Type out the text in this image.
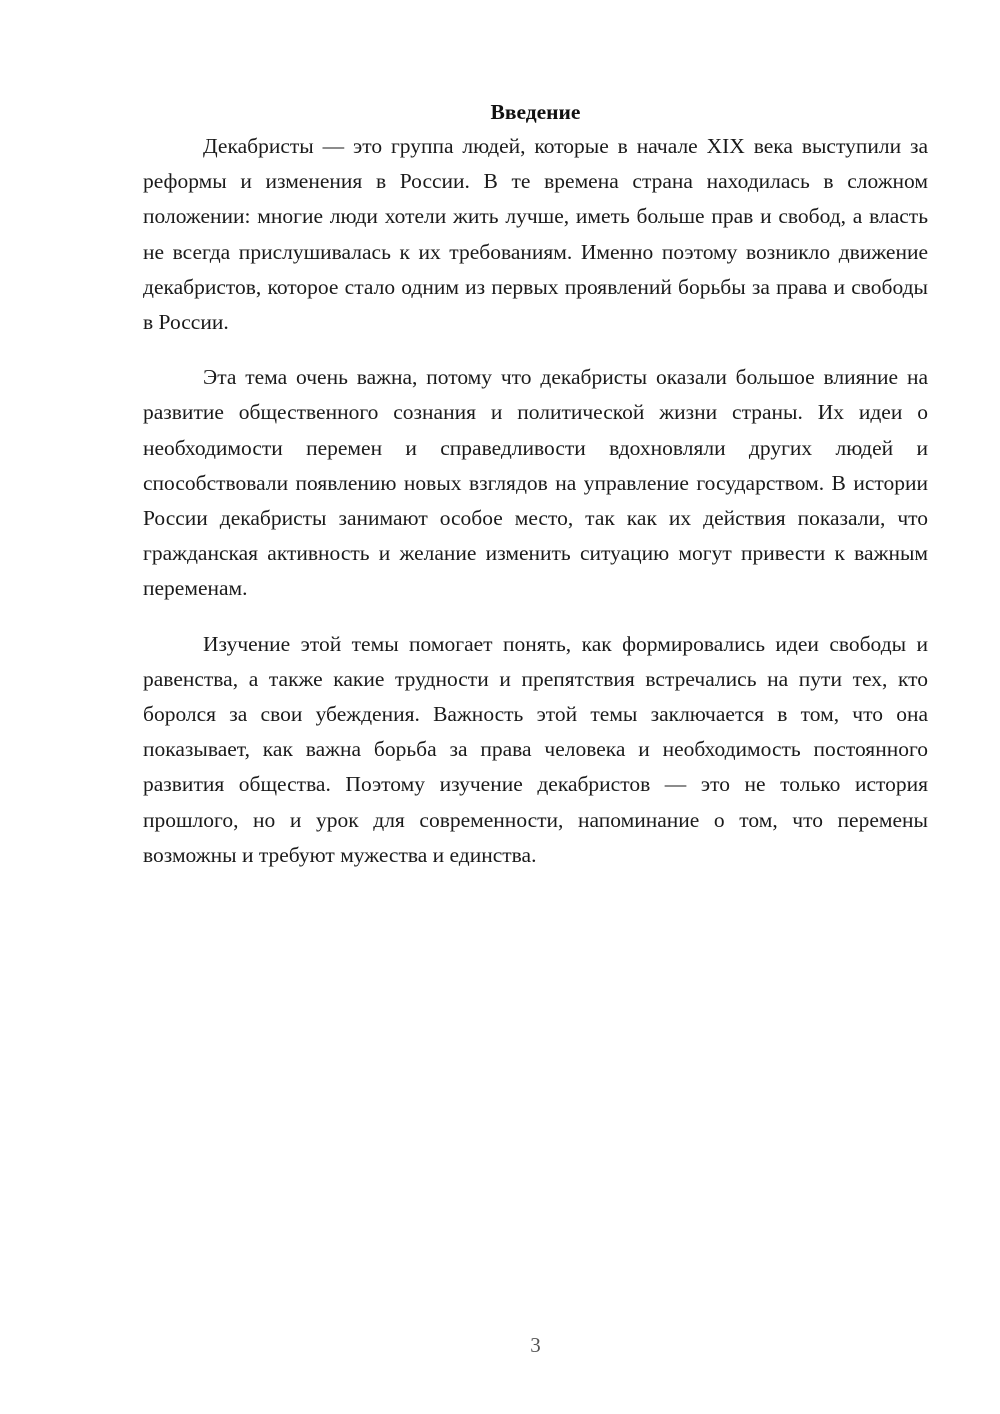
Введение

Декабристы — это группа людей, которые в начале XIX века выступили за реформы и изменения в России. В те времена страна находилась в сложном положении: многие люди хотели жить лучше, иметь больше прав и свобод, а власть не всегда прислушивалась к их требованиям. Именно поэтому возникло движение декабристов, которое стало одним из первых проявлений борьбы за права и свободы в России.

Эта тема очень важна, потому что декабристы оказали большое влияние на развитие общественного сознания и политической жизни страны. Их идеи о необходимости перемен и справедливости вдохновляли других людей и способствовали появлению новых взглядов на управление государством. В истории России декабристы занимают особое место, так как их действия показали, что гражданская активность и желание изменить ситуацию могут привести к важным переменам.

Изучение этой темы помогает понять, как формировались идеи свободы и равенства, а также какие трудности и препятствия встречались на пути тех, кто боролся за свои убеждения. Важность этой темы заключается в том, что она показывает, как важна борьба за права человека и необходимость постоянного развития общества. Поэтому изучение декабристов — это не только история прошлого, но и урок для современности, напоминание о том, что перемены возможны и требуют мужества и единства.

3
